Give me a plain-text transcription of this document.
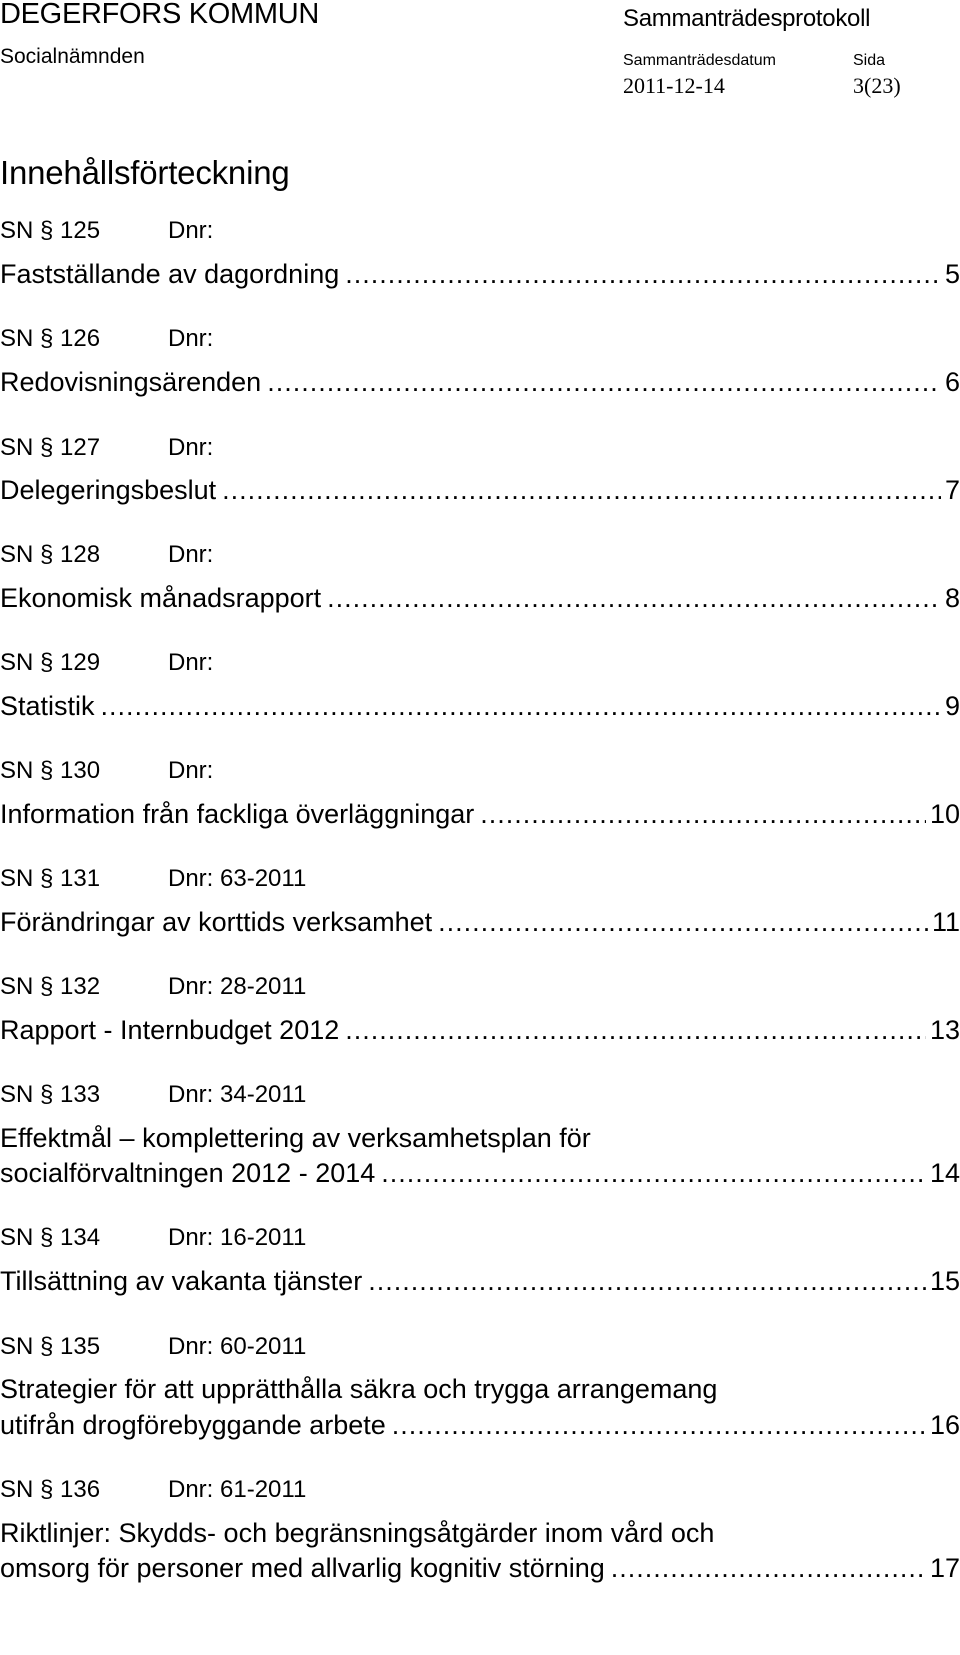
DEGERFORS KOMMUN
Socialnämnden
Sammanträdesprotokoll
Sammanträdesdatum	Sida
2011-12-14	3(23)
Innehållsförteckning
SN § 125	Dnr:
Fastställande av dagordning .....	5
SN § 126	Dnr:
Redovisningsärenden .....	6
SN § 127	Dnr:
Delegeringsbeslut .....	7
SN § 128	Dnr:
Ekonomisk månadsrapport .....	8
SN § 129	Dnr:
Statistik .....	9
SN § 130	Dnr:
Information från fackliga överläggningar .....	10
SN § 131	Dnr: 63-2011
Förändringar av korttids verksamhet .....	11
SN § 132	Dnr: 28-2011
Rapport - Internbudget 2012 .....	13
SN § 133	Dnr: 34-2011
Effektmål – komplettering av verksamhetsplan för
socialförvaltningen 2012 - 2014 .....	14
SN § 134	Dnr: 16-2011
Tillsättning av vakanta tjänster .....	15
SN § 135	Dnr: 60-2011
Strategier för att upprätthålla säkra och trygga arrangemang
utifrån drogförebyggande arbete .....	16
SN § 136	Dnr: 61-2011
Riktlinjer: Skydds- och begränsningsåtgärder inom vård och
omsorg för personer med allvarlig kognitiv störning .....	17
